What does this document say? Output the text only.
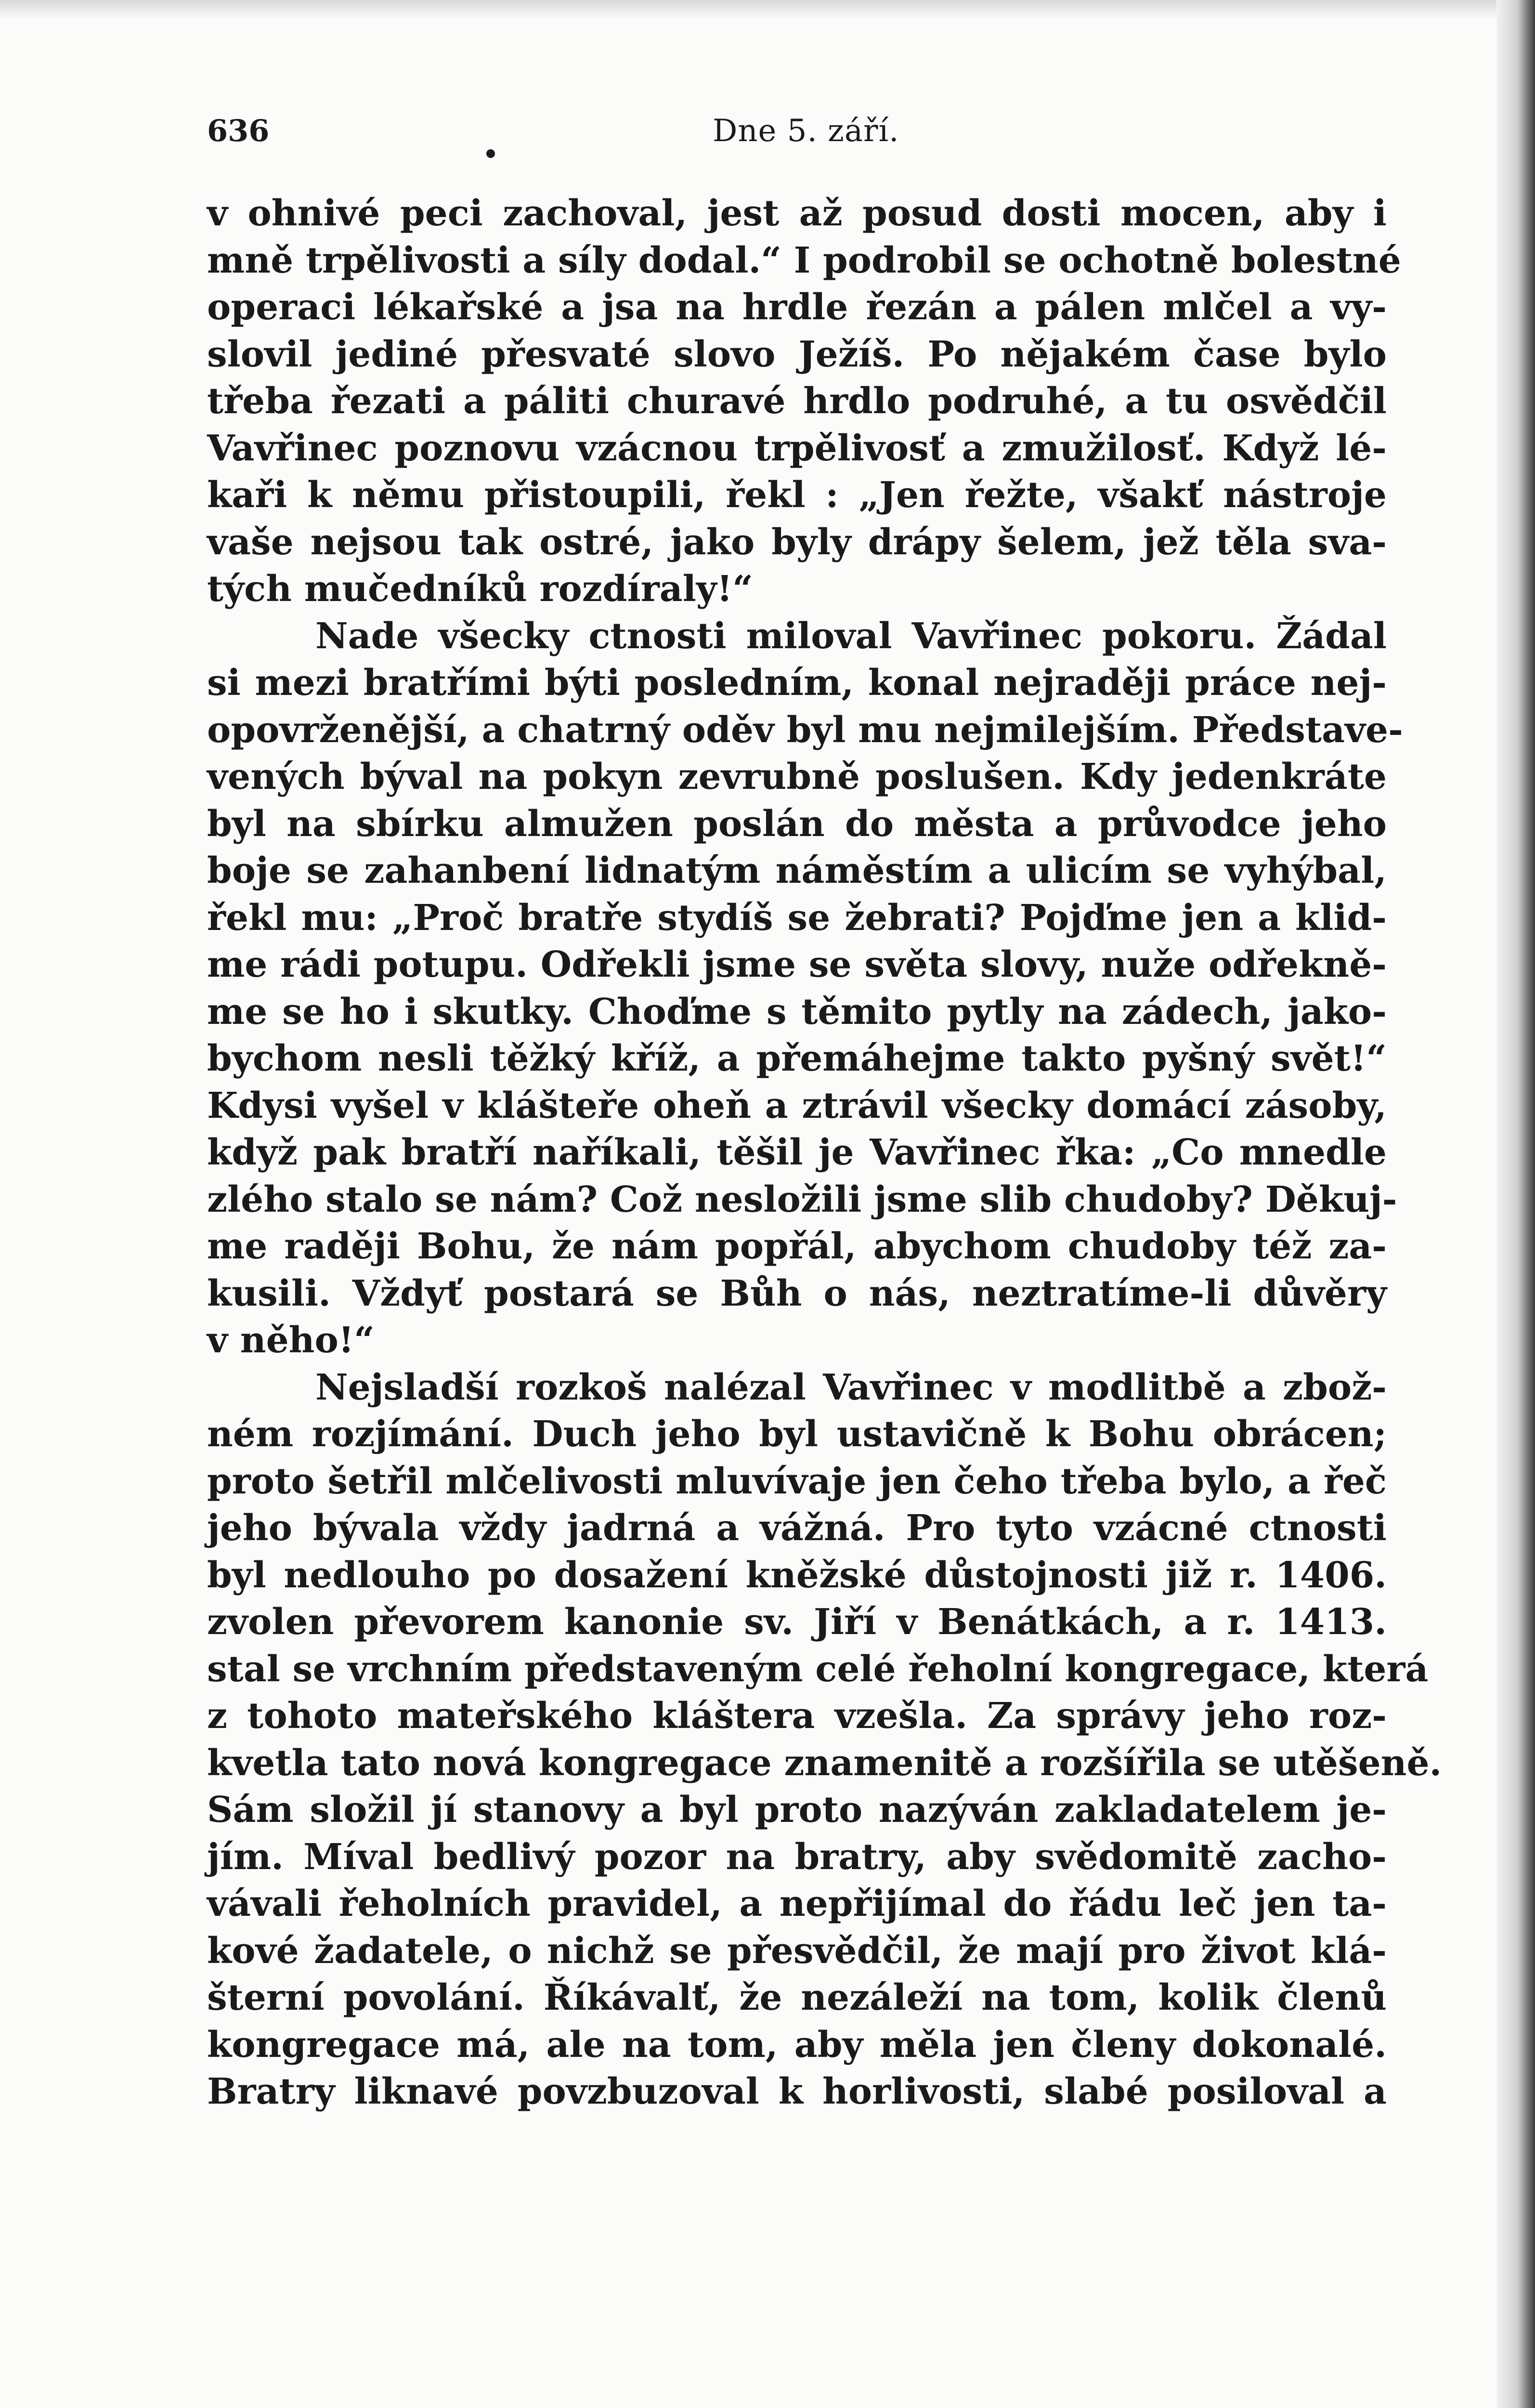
636	Dne 5. září.
v ohnivé peci zachoval, jest až posud dosti mocen, aby i
mně trpělivosti a síly dodal.“ I podrobil se ochotně bolestné
operaci lékařské a jsa na hrdle řezán a pálen mlčel a vy-
slovil jediné přesvaté slovo Ježíš. Po nějakém čase bylo
třeba řezati a páliti churavé hrdlo podruhé, a tu osvědčil
Vavřinec poznovu vzácnou trpělivosť a zmužilosť. Když lé-
kaři k němu přistoupili, řekl : „Jen řežte, všakť nástroje
vaše nejsou tak ostré, jako byly drápy šelem, jež těla sva-
tých mučedníků rozdíraly!“
Nade všecky ctnosti miloval Vavřinec pokoru. Žádal
si mezi bratřími býti posledním, konal nejraději práce nej-
opovrženější, a chatrný oděv byl mu nejmilejším. Představe-
vených býval na pokyn zevrubně poslušen. Kdy jedenkráte
byl na sbírku almužen poslán do města a průvodce jeho
boje se zahanbení lidnatým náměstím a ulicím se vyhýbal,
řekl mu: „Proč bratře stydíš se žebrati? Pojďme jen a klid-
me rádi potupu. Odřekli jsme se světa slovy, nuže odřekně-
me se ho i skutky. Choďme s těmito pytly na zádech, jako-
bychom nesli těžký kříž, a přemáhejme takto pyšný svět!“
Kdysi vyšel v klášteře oheň a ztrávil všecky domácí zásoby,
když pak bratří naříkali, těšil je Vavřinec řka: „Co mnedle
zlého stalo se nám? Což nesložili jsme slib chudoby? Děkuj-
me raději Bohu, že nám popřál, abychom chudoby též za-
kusili. Vždyť postará se Bůh o nás, neztratíme-li důvěry
v něho!“
Nejsladší rozkoš nalézal Vavřinec v modlitbě a zbož-
ném rozjímání. Duch jeho byl ustavičně k Bohu obrácen;
proto šetřil mlčelivosti mluvívaje jen čeho třeba bylo, a řeč
jeho bývala vždy jadrná a vážná. Pro tyto vzácné ctnosti
byl nedlouho po dosažení kněžské důstojnosti již r. 1406.
zvolen převorem kanonie sv. Jiří v Benátkách, a r. 1413.
stal se vrchním představeným celé řeholní kongregace, která
z tohoto mateřského kláštera vzešla. Za správy jeho roz-
kvetla tato nová kongregace znamenitě a rozšířila se utěšeně.
Sám složil jí stanovy a byl proto nazýván zakladatelem je-
jím. Míval bedlivý pozor na bratry, aby svědomitě zacho-
vávali řeholních pravidel, a nepřijímal do řádu leč jen ta-
kové žadatele, o nichž se přesvědčil, že mají pro život klá-
šterní povolání. Říkávalť, že nezáleží na tom, kolik členů
kongregace má, ale na tom, aby měla jen členy dokonalé.
Bratry liknavé povzbuzoval k horlivosti, slabé posiloval a
